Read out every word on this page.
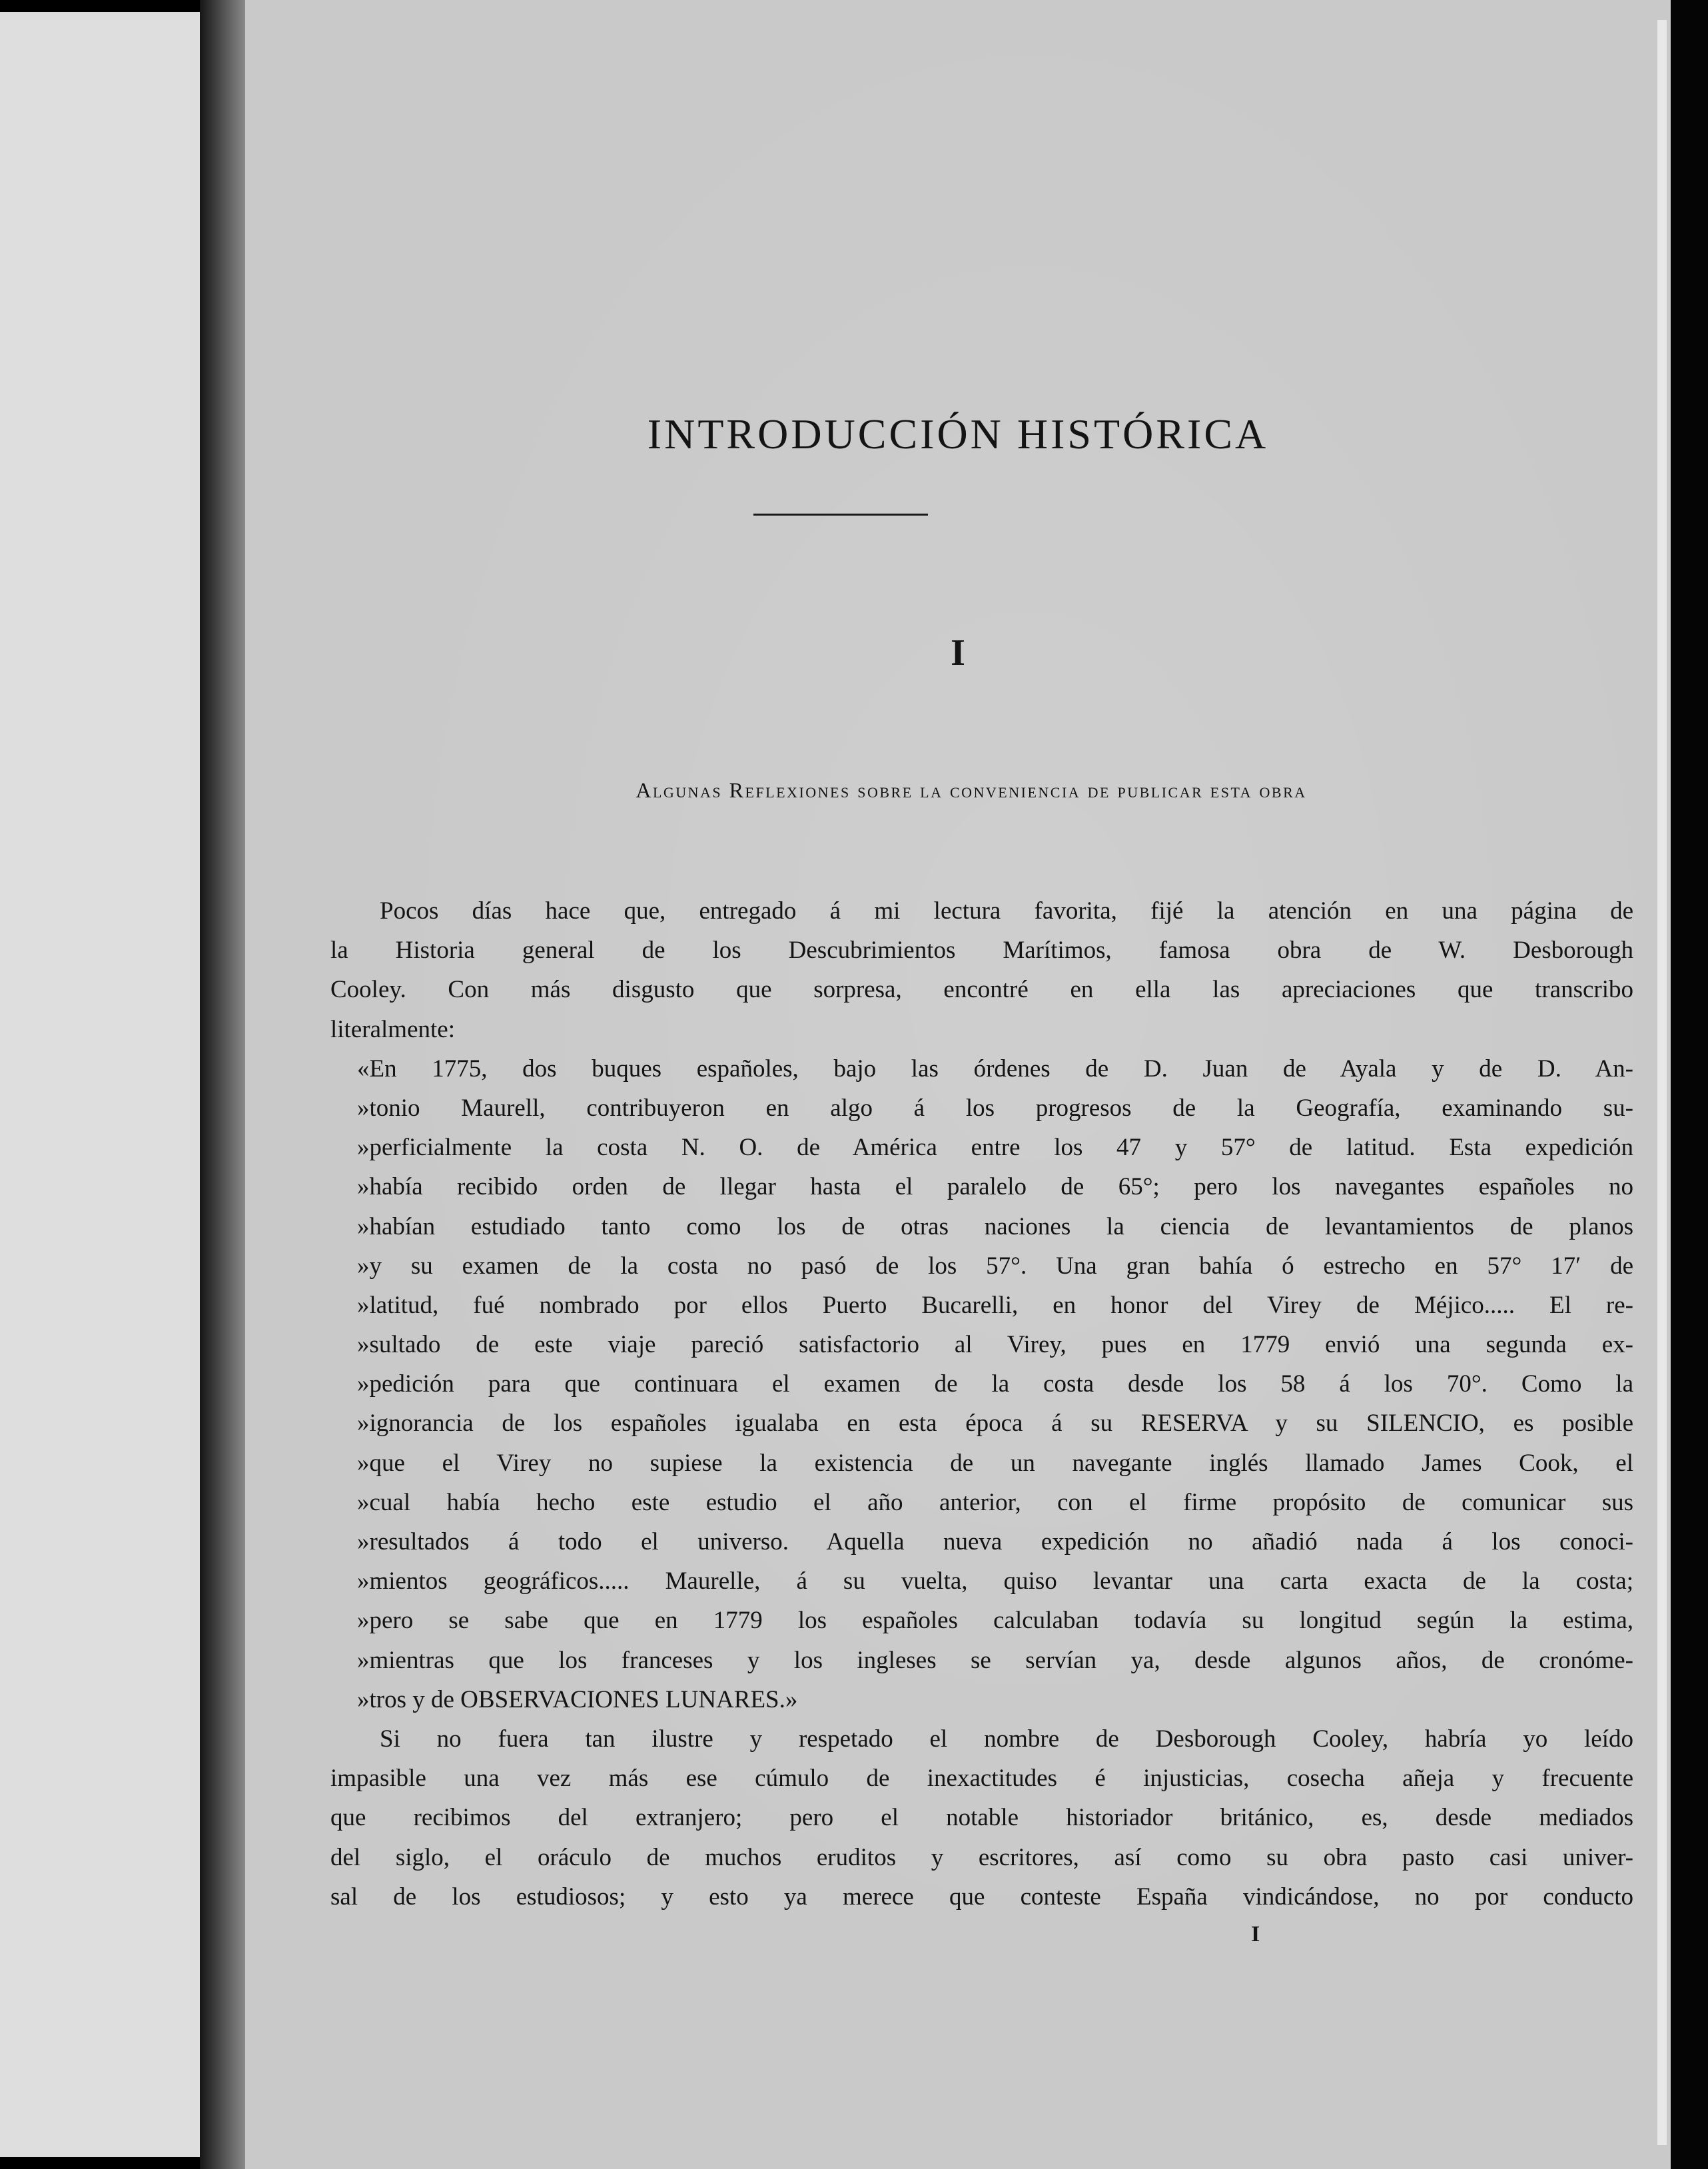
INTRODUCCIÓN HISTÓRICA
I
Algunas Reflexiones sobre la conveniencia de publicar esta obra
Pocos días hace que, entregado á mi lectura favorita, fijé la atención en una página de
la Historia general de los Descubrimientos Marítimos, famosa obra de W. Desborough
Cooley. Con más disgusto que sorpresa, encontré en ella las apreciaciones que transcribo
literalmente:
«En 1775, dos buques españoles, bajo las órdenes de D. Juan de Ayala y de D. An-
»tonio Maurell, contribuyeron en algo á los progresos de la Geografía, examinando su-
»perficialmente la costa N. O. de América entre los 47 y 57° de latitud. Esta expedición
»había recibido orden de llegar hasta el paralelo de 65°; pero los navegantes españoles no
»habían estudiado tanto como los de otras naciones la ciencia de levantamientos de planos
»y su examen de la costa no pasó de los 57°. Una gran bahía ó estrecho en 57° 17′ de
»latitud, fué nombrado por ellos Puerto Bucarelli, en honor del Virey de Méjico..... El re-
»sultado de este viaje pareció satisfactorio al Virey, pues en 1779 envió una segunda ex-
»pedición para que continuara el examen de la costa desde los 58 á los 70°. Como la
»ignorancia de los españoles igualaba en esta época á su RESERVA y su SILENCIO, es posible
»que el Virey no supiese la existencia de un navegante inglés llamado James Cook, el
»cual había hecho este estudio el año anterior, con el firme propósito de comunicar sus
»resultados á todo el universo. Aquella nueva expedición no añadió nada á los conoci-
»mientos geográficos..... Maurelle, á su vuelta, quiso levantar una carta exacta de la costa;
»pero se sabe que en 1779 los españoles calculaban todavía su longitud según la estima,
»mientras que los franceses y los ingleses se servían ya, desde algunos años, de cronóme-
»tros y de OBSERVACIONES LUNARES.»
Si no fuera tan ilustre y respetado el nombre de Desborough Cooley, habría yo leído
impasible una vez más ese cúmulo de inexactitudes é injusticias, cosecha añeja y frecuente
que recibimos del extranjero; pero el notable historiador británico, es, desde mediados
del siglo, el oráculo de muchos eruditos y escritores, así como su obra pasto casi univer-
sal de los estudiosos; y esto ya merece que conteste España vindicándose, no por conducto
I
